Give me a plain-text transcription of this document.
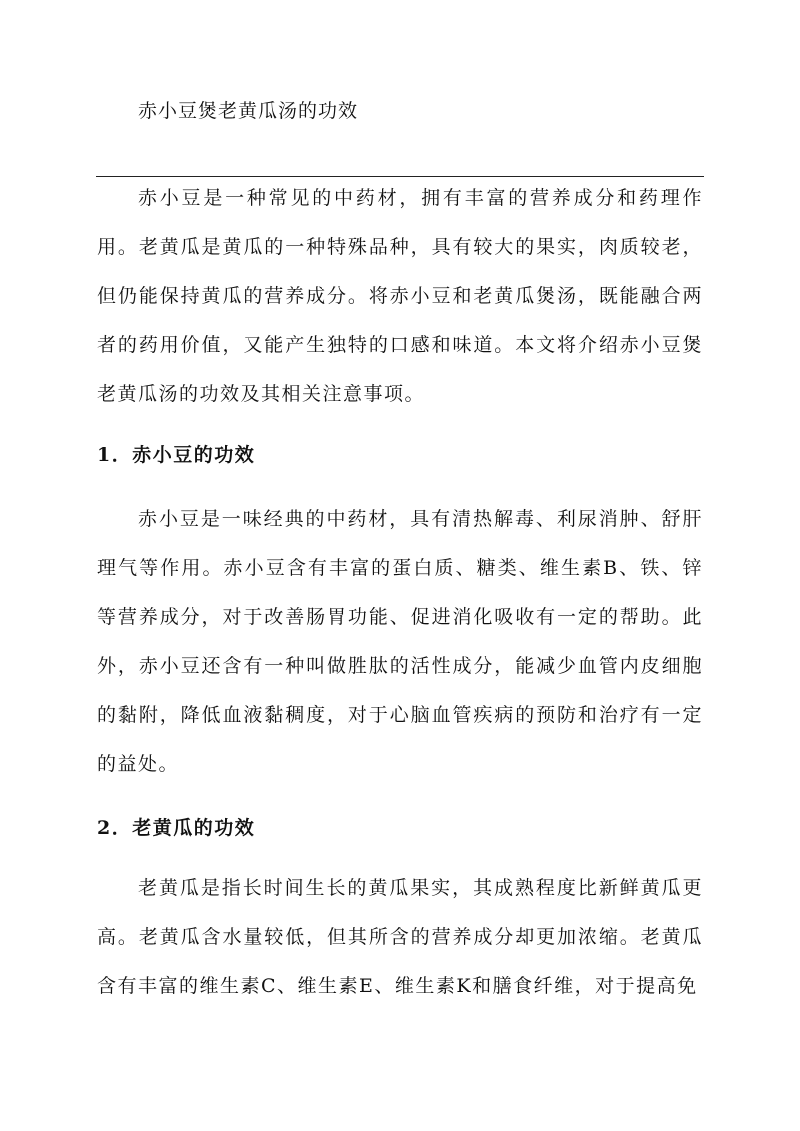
赤小豆煲老黄瓜汤的功效

赤小豆是一种常见的中药材，拥有丰富的营养成分和药理作用。老黄瓜是黄瓜的一种特殊品种，具有较大的果实，肉质较老，但仍能保持黄瓜的营养成分。将赤小豆和老黄瓜煲汤，既能融合两者的药用价值，又能产生独特的口感和味道。本文将介绍赤小豆煲老黄瓜汤的功效及其相关注意事项。

1．赤小豆的功效

赤小豆是一味经典的中药材，具有清热解毒、利尿消肿、舒肝理气等作用。赤小豆含有丰富的蛋白质、糖类、维生素B、铁、锌等营养成分，对于改善肠胃功能、促进消化吸收有一定的帮助。此外，赤小豆还含有一种叫做胜肽的活性成分，能减少血管内皮细胞的黏附，降低血液黏稠度，对于心脑血管疾病的预防和治疗有一定的益处。

2．老黄瓜的功效

老黄瓜是指长时间生长的黄瓜果实，其成熟程度比新鲜黄瓜更高。老黄瓜含水量较低，但其所含的营养成分却更加浓缩。老黄瓜含有丰富的维生素C、维生素E、维生素K和膳食纤维，对于提高免
